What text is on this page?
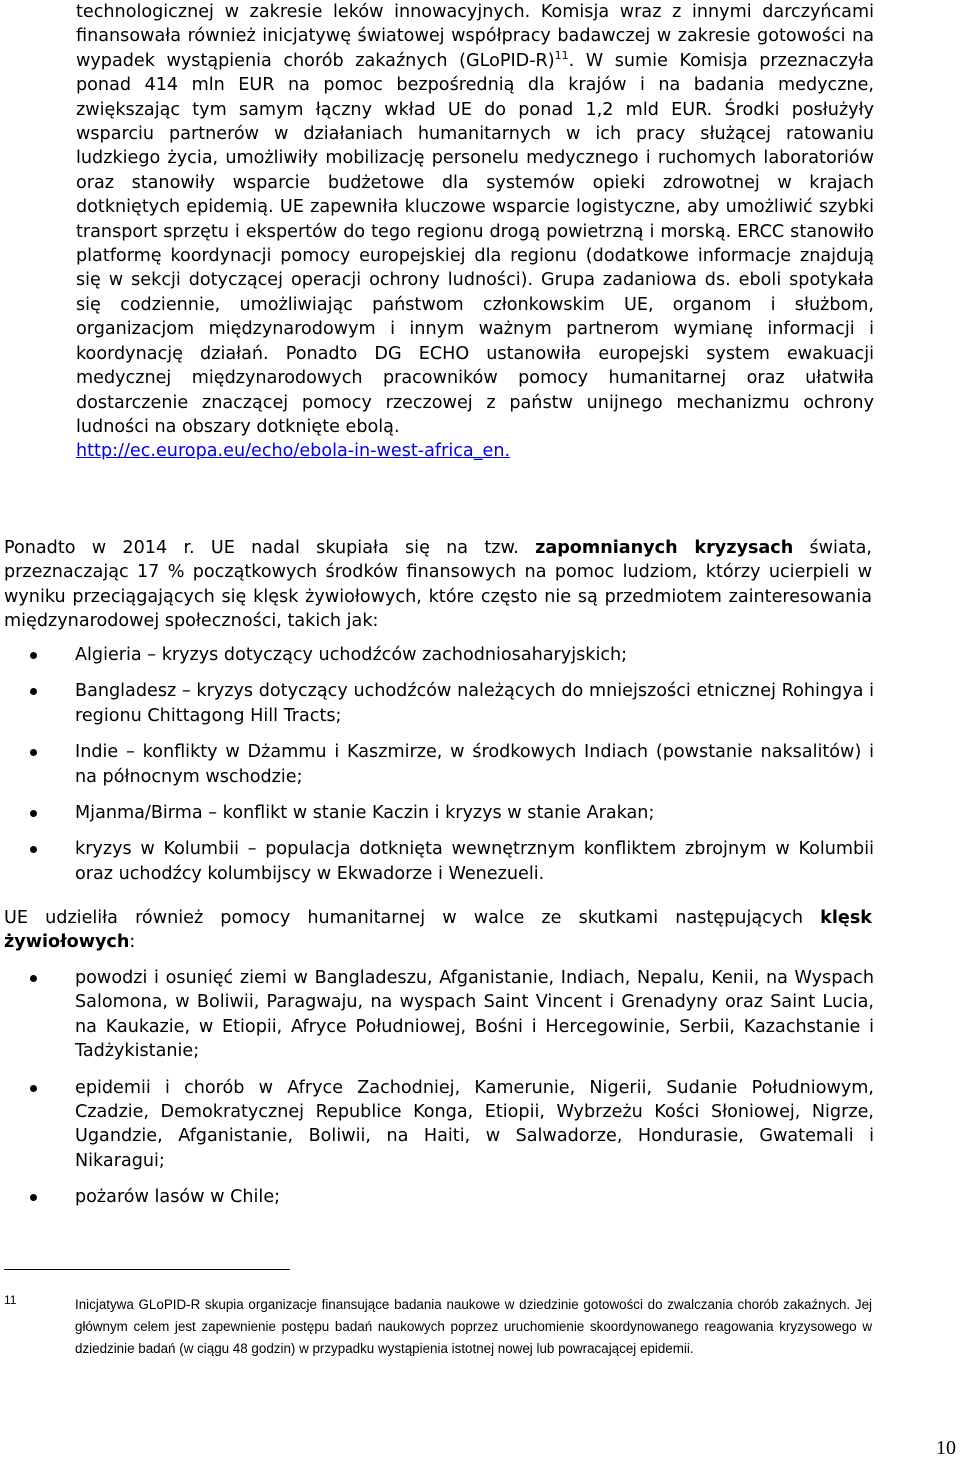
technologicznej w zakresie leków innowacyjnych. Komisja wraz z innymi darczyńcami finansowała również inicjatywę światowej współpracy badawczej w zakresie gotowości na wypadek wystąpienia chorób zakaźnych (GLoPID-R)$^{11}$. W sumie Komisja przeznaczyła ponad 414 mln EUR na pomoc bezpośrednią dla krajów i na badania medyczne, zwiększając tym samym łączny wkład UE do ponad 1,2 mld EUR. Środki posłużyły wsparciu partnerów w działaniach humanitarnych w ich pracy służącej ratowaniu ludzkiego życia, umożliwiły mobilizację personelu medycznego i ruchomych laboratoriów oraz stanowiły wsparcie budżetowe dla systemów opieki zdrowotnej w krajach dotkniętych epidemią. UE zapewniła kluczowe wsparcie logistyczne, aby umożliwić szybki transport sprzętu i ekspertów do tego regionu drogą powietrzną i morską. ERCC stanowiło platformę koordynacji pomocy europejskiej dla regionu (dodatkowe informacje znajdują się w sekcji dotyczącej operacji ochrony ludności). Grupa zadaniowa ds. eboli spotykała się codziennie, umożliwiając państwom członkowskim UE, organom i służbom, organizacjom międzynarodowym i innym ważnym partnerom wymianę informacji i koordynację działań. Ponadto DG ECHO ustanowiła europejski system ewakuacji medycznej międzynarodowych pracowników pomocy humanitarnej oraz ułatwiła dostarczenie znaczącej pomocy rzeczowej z państw unijnego mechanizmu ochrony ludności na obszary dotknięte ebolą.
http://ec.europa.eu/echo/ebola-in-west-africa_en.

Ponadto w 2014 r. UE nadal skupiała się na tzw. zapomnianych kryzysach świata, przeznaczając 17 % początkowych środków finansowych na pomoc ludziom, którzy ucierpieli w wyniku przeciągających się klęsk żywiołowych, które często nie są przedmiotem zainteresowania międzynarodowej społeczności, takich jak:

Algieria – kryzys dotyczący uchodźców zachodniosaharyjskich;
Bangladesz – kryzys dotyczący uchodźców należących do mniejszości etnicznej Rohingya i regionu Chittagong Hill Tracts;
Indie – konflikty w Dżammu i Kaszmirze, w środkowych Indiach (powstanie naksalitów) i na północnym wschodzie;
Mjanma/Birma – konflikt w stanie Kaczin i kryzys w stanie Arakan;
kryzys w Kolumbii – populacja dotknięta wewnętrznym konfliktem zbrojnym w Kolumbii oraz uchodźcy kolumbijscy w Ekwadorze i Wenezueli.

UE udzieliła również pomocy humanitarnej w walce ze skutkami następujących klęsk żywiołowych:

powodzi i osunięć ziemi w Bangladeszu, Afganistanie, Indiach, Nepalu, Kenii, na Wyspach Salomona, w Boliwii, Paragwaju, na wyspach Saint Vincent i Grenadyny oraz Saint Lucia, na Kaukazie, w Etiopii, Afryce Południowej, Bośni i Hercegowinie, Serbii, Kazachstanie i Tadżykistanie;
epidemii i chorób w Afryce Zachodniej, Kamerunie, Nigerii, Sudanie Południowym, Czadzie, Demokratycznej Republice Konga, Etiopii, Wybrzeżu Kości Słoniowej, Nigrze, Ugandzie, Afganistanie, Boliwii, na Haiti, w Salwadorze, Hondurasie, Gwatemali i Nikaragui;
pożarów lasów w Chile;
11	Inicjatywa GLoPID-R skupia organizacje finansujące badania naukowe w dziedzinie gotowości do zwalczania chorób zakaźnych. Jej głównym celem jest zapewnienie postępu badań naukowych poprzez uruchomienie skoordynowanego reagowania kryzysowego w dziedzinie badań (w ciągu 48 godzin) w przypadku wystąpienia istotnej nowej lub powracającej epidemii.

10
